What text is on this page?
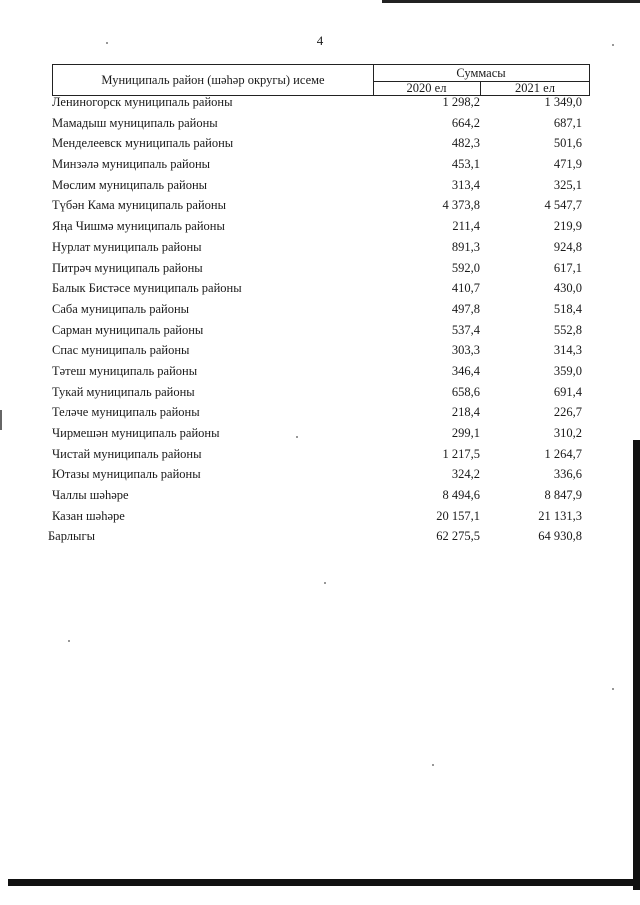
4
Муниципаль район (шәһәр округы) исеме	Суммасы
2020 ел	2021 ел
Лениногорск муниципаль районы	1 298,2	1 349,0
Мамадыш муниципаль районы	664,2	687,1
Менделеевск муниципаль районы	482,3	501,6
Минзәлә муниципаль районы	453,1	471,9
Мөслим муниципаль районы	313,4	325,1
Түбән Кама муниципаль районы	4 373,8	4 547,7
Яңа Чишмә муниципаль районы	211,4	219,9
Нурлат муниципаль районы	891,3	924,8
Питрәч муниципаль районы	592,0	617,1
Балык Бистәсе муниципаль районы	410,7	430,0
Саба муниципаль районы	497,8	518,4
Сарман муниципаль районы	537,4	552,8
Спас муниципаль районы	303,3	314,3
Тәтеш муниципаль районы	346,4	359,0
Тукай муниципаль районы	658,6	691,4
Теләче муниципаль районы	218,4	226,7
Чирмешән муниципаль районы	299,1	310,2
Чистай муниципаль районы	1 217,5	1 264,7
Ютазы муниципаль районы	324,2	336,6
Чаллы шәһәре	8 494,6	8 847,9
Казан шәһәре	20 157,1	21 131,3
Барлыгы	62 275,5	64 930,8
